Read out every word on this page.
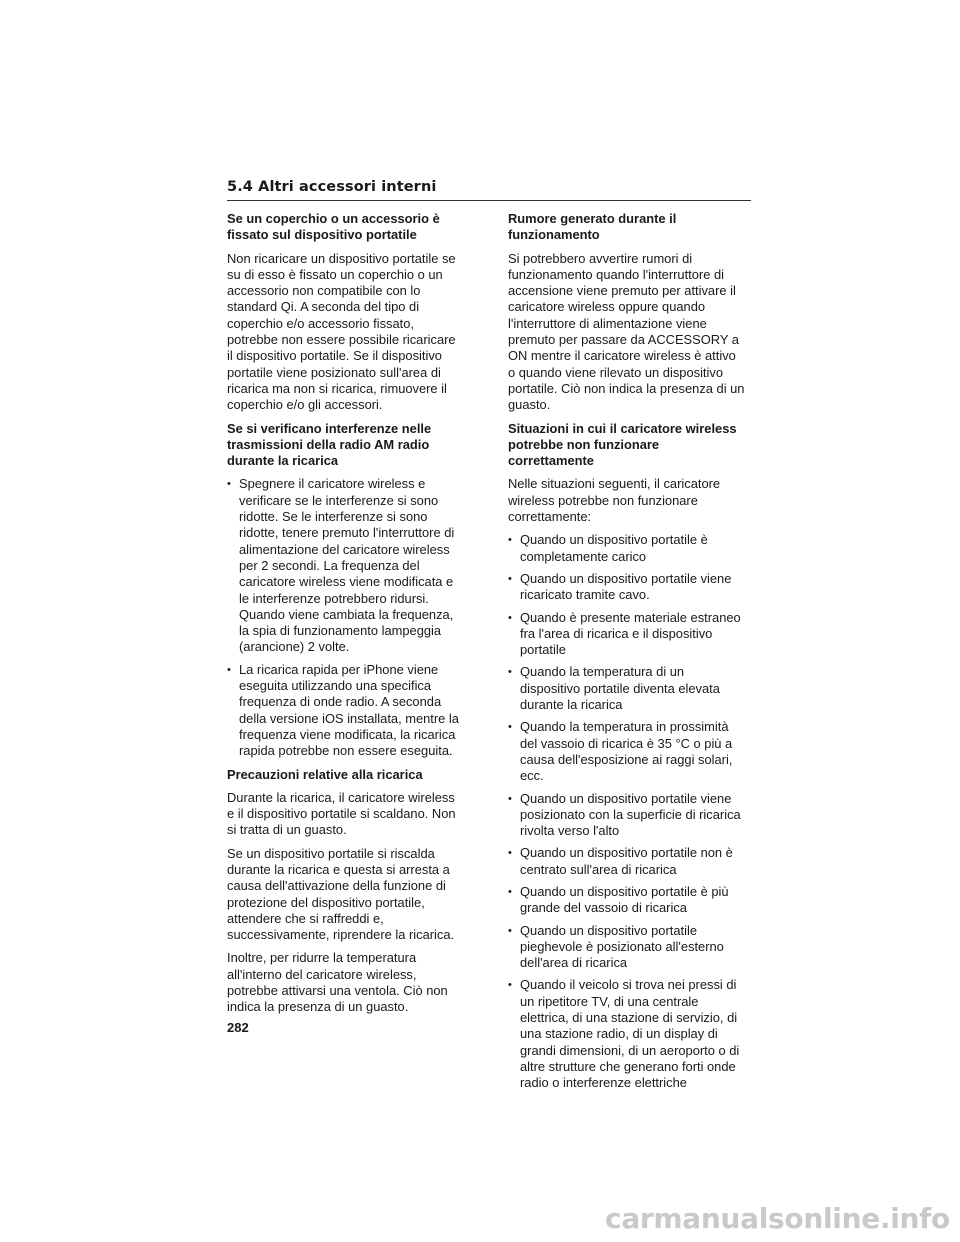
5.4 Altri accessori interni

Se un coperchio o un accessorio è fissato sul dispositivo portatile

Non ricaricare un dispositivo portatile se su di esso è fissato un coperchio o un accessorio non compatibile con lo standard Qi. A seconda del tipo di coperchio e/o accessorio fissato, potrebbe non essere possibile ricaricare il dispositivo portatile. Se il dispositivo portatile viene posizionato sull'area di ricarica ma non si ricarica, rimuovere il coperchio e/o gli accessori.

Se si verificano interferenze nelle trasmissioni della radio AM radio durante la ricarica

• Spegnere il caricatore wireless e verificare se le interferenze si sono ridotte. Se le interferenze si sono ridotte, tenere premuto l'interruttore di alimentazione del caricatore wireless per 2 secondi. La frequenza del caricatore wireless viene modificata e le interferenze potrebbero ridursi. Quando viene cambiata la frequenza, la spia di funzionamento lampeggia (arancione) 2 volte.
• La ricarica rapida per iPhone viene eseguita utilizzando una specifica frequenza di onde radio. A seconda della versione iOS installata, mentre la frequenza viene modificata, la ricarica rapida potrebbe non essere eseguita.

Precauzioni relative alla ricarica

Durante la ricarica, il caricatore wireless e il dispositivo portatile si scaldano. Non si tratta di un guasto.

Se un dispositivo portatile si riscalda durante la ricarica e questa si arresta a causa dell'attivazione della funzione di protezione del dispositivo portatile, attendere che si raffreddi e, successivamente, riprendere la ricarica.

Inoltre, per ridurre la temperatura all'interno del caricatore wireless, potrebbe attivarsi una ventola. Ciò non indica la presenza di un guasto.

Rumore generato durante il funzionamento

Si potrebbero avvertire rumori di funzionamento quando l'interruttore di accensione viene premuto per attivare il caricatore wireless oppure quando l'interruttore di alimentazione viene premuto per passare da ACCESSORY a ON mentre il caricatore wireless è attivo o quando viene rilevato un dispositivo portatile. Ciò non indica la presenza di un guasto.

Situazioni in cui il caricatore wireless potrebbe non funzionare correttamente

Nelle situazioni seguenti, il caricatore wireless potrebbe non funzionare correttamente:

• Quando un dispositivo portatile è completamente carico
• Quando un dispositivo portatile viene ricaricato tramite cavo.
• Quando è presente materiale estraneo fra l'area di ricarica e il dispositivo portatile
• Quando la temperatura di un dispositivo portatile diventa elevata durante la ricarica
• Quando la temperatura in prossimità del vassoio di ricarica è 35 °C o più a causa dell'esposizione ai raggi solari, ecc.
• Quando un dispositivo portatile viene posizionato con la superficie di ricarica rivolta verso l'alto
• Quando un dispositivo portatile non è centrato sull'area di ricarica
• Quando un dispositivo portatile è più grande del vassoio di ricarica
• Quando un dispositivo portatile pieghevole è posizionato all'esterno dell'area di ricarica
• Quando il veicolo si trova nei pressi di un ripetitore TV, di una centrale elettrica, di una stazione di servizio, di una stazione radio, di un display di grandi dimensioni, di un aeroporto o di altre strutture che generano forti onde radio o interferenze elettriche
282
carmanualsonline.info
